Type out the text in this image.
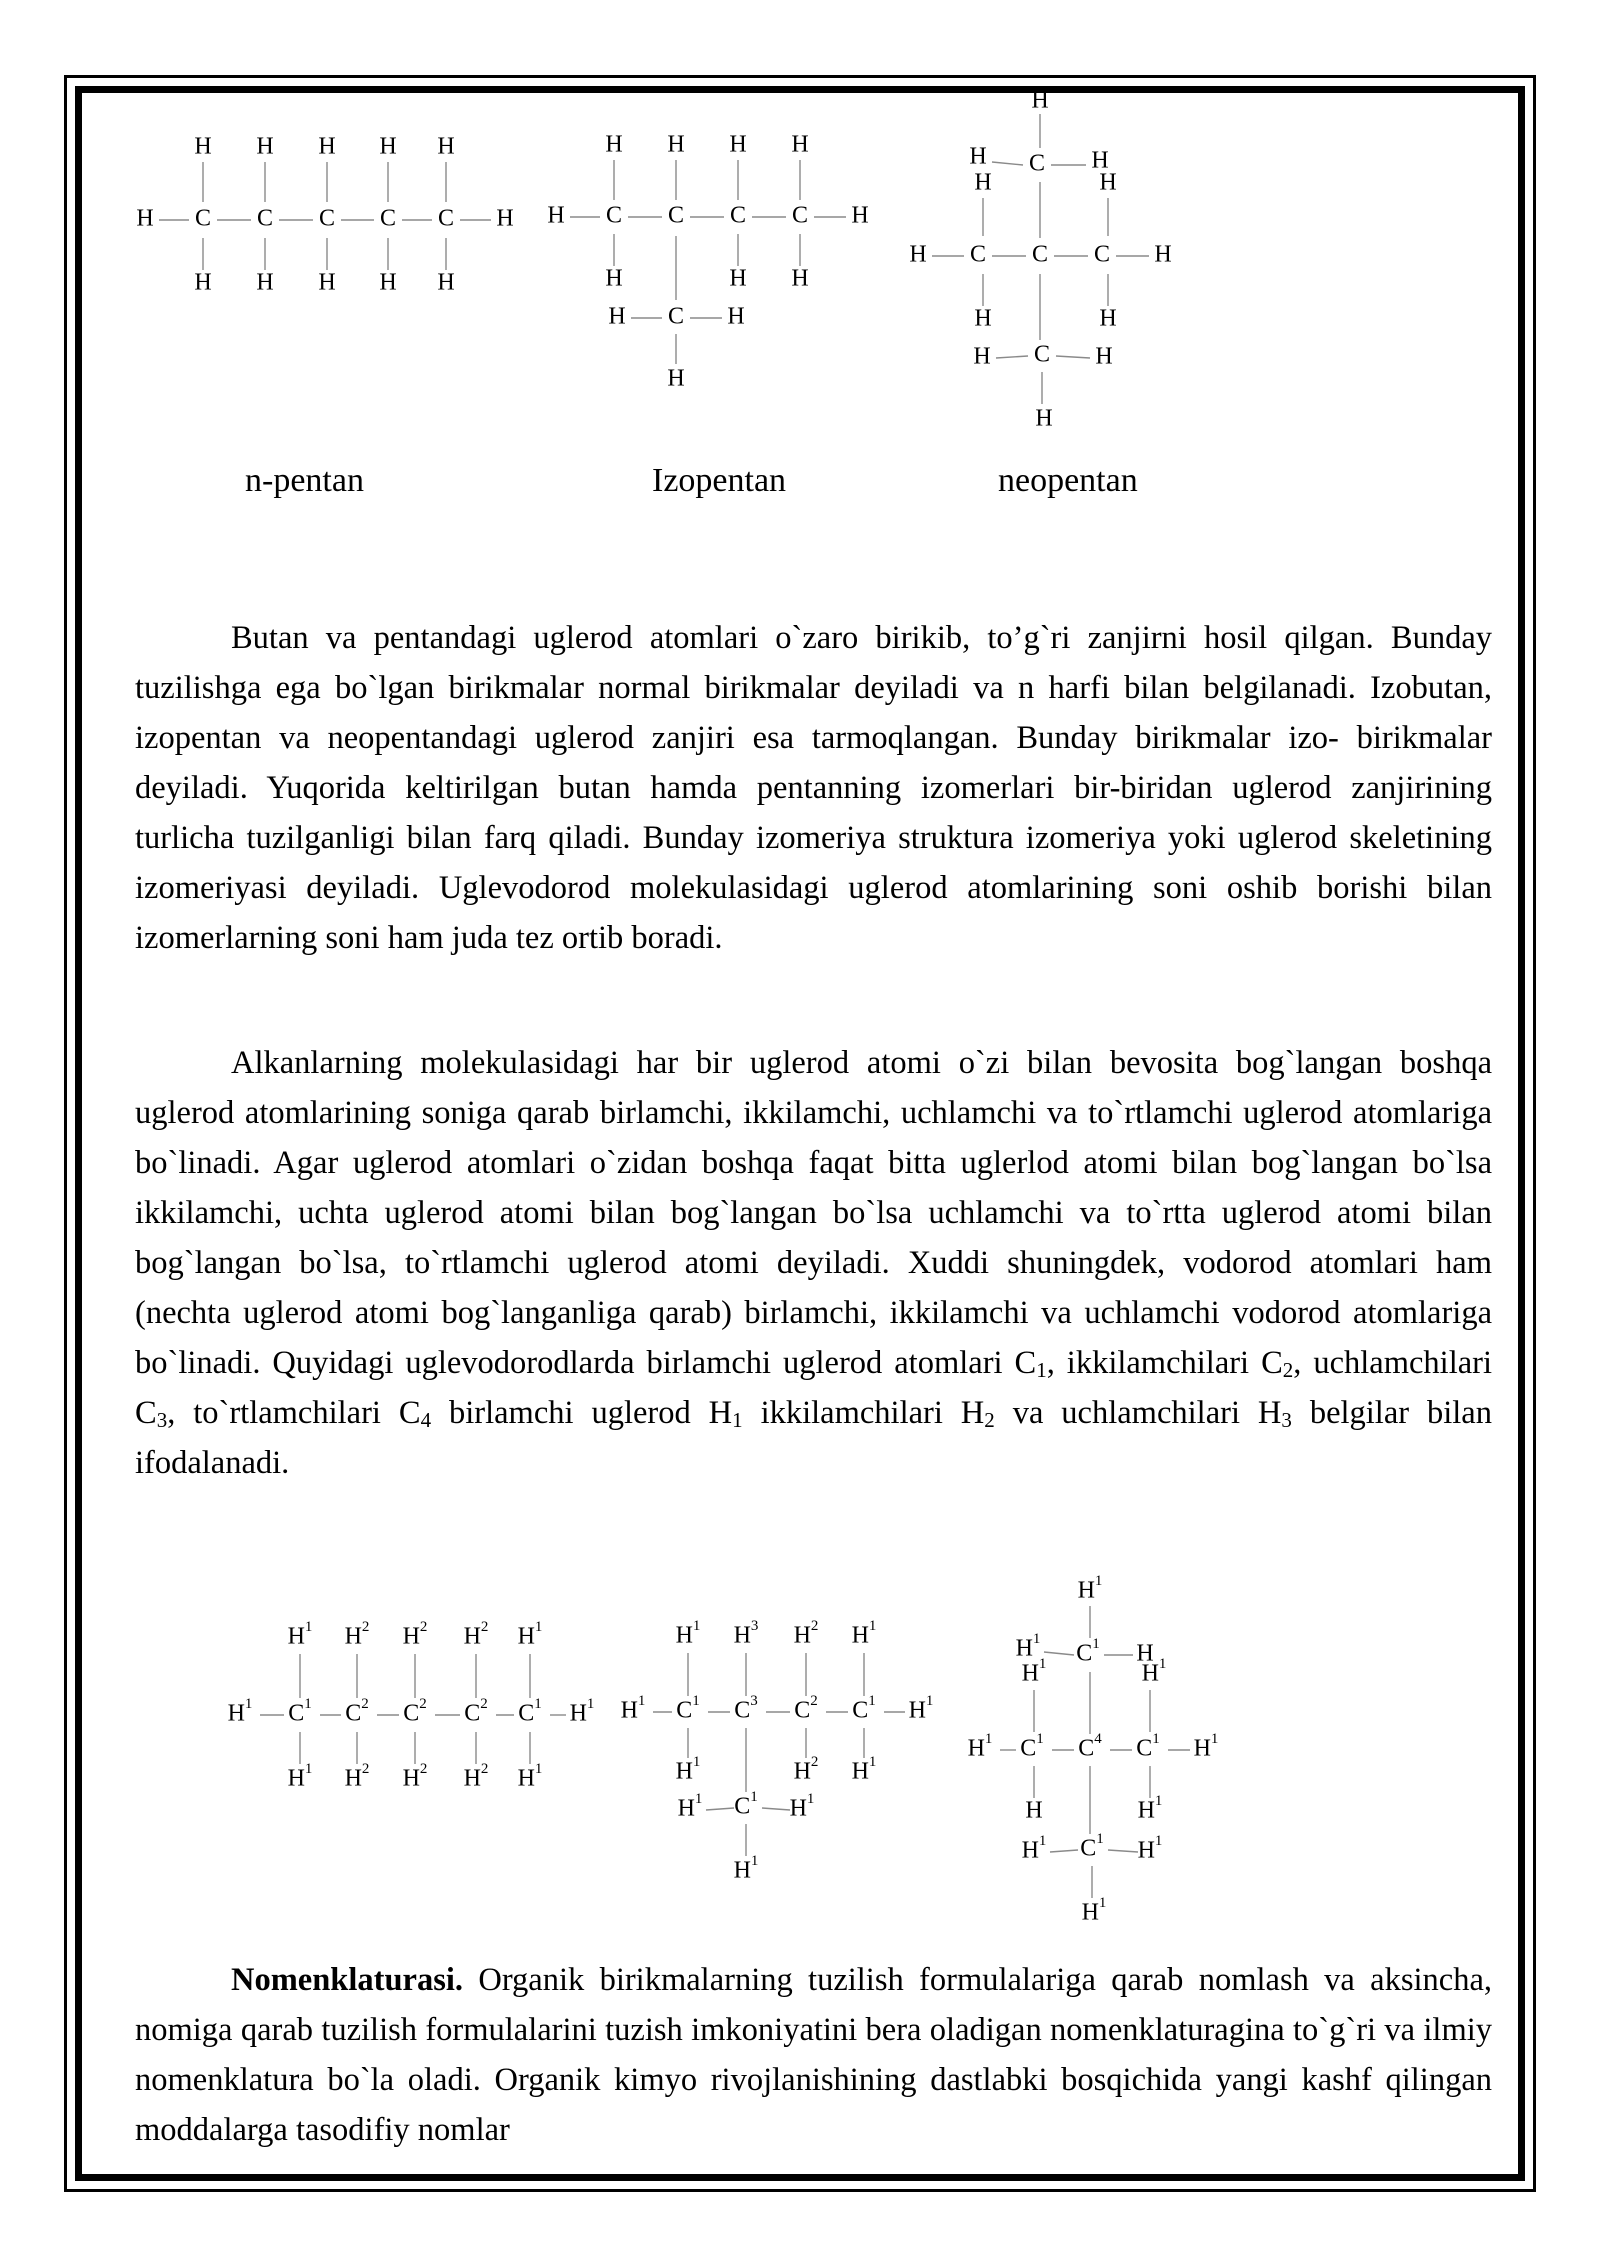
H C C C C C H
H
H
H
H
H
H
H
H
H
H
H C C C C H
H H H H
H	H H
C
H	H
H
H C C C H
H
C
H	H
H	H
H	H
C
H	H
H
n-pentan	Izopentan	neopentan

Butan va pentandagi uglerod atomlari o`zaro birikib, to’g`ri zanjirni hosil qilgan. Bunday tuzilishga ega bo`lgan birikmalar normal birikmalar deyiladi va n harfi bilan belgilanadi. Izobutan, izopentan va neopentandagi uglerod zanjiri esa tarmoqlangan. Bunday birikmalar izo- birikmalar deyiladi. Yuqorida keltirilgan butan hamda pentanning izomerlari bir-biridan uglerod zanjirining turlicha tuzilganligi bilan farq qiladi. Bunday izomeriya struktura izomeriya yoki uglerod skeletining izomeriyasi deyiladi. Uglevodorod molekulasidagi uglerod atomlarining soni oshib borishi bilan izomerlarning soni ham juda tez ortib boradi.

Alkanlarning molekulasidagi har bir uglerod atomi o`zi bilan bevosita bog`langan boshqa uglerod atomlarining soniga qarab birlamchi, ikkilamchi, uchlamchi va to`rtlamchi uglerod atomlariga bo`linadi. Agar uglerod atomlari o`zidan boshqa faqat bitta uglerlod atomi bilan bog`langan bo`lsa ikkilamchi, uchta uglerod atomi bilan bog`langan bo`lsa uchlamchi va to`rtta uglerod atomi bilan bog`langan bo`lsa, to`rtlamchi uglerod atomi deyiladi. Xuddi shuningdek, vodorod atomlari ham (nechta uglerod atomi bog`langanliga qarab) birlamchi, ikkilamchi va uchlamchi vodorod atomlariga bo`linadi. Quyidagi uglevodorodlarda birlamchi uglerod atomlari $C_1$, ikkilamchilari $C_2$, uchlamchilari $C_3$, to`rtlamchilari $C_4$ birlamchi uglerod $H_1$ ikkilamchilari $H_2$ va uchlamchilari $H_3$ belgilar bilan ifodalanadi.

$H^1$ $C^1$ $C^2$ $C^2$ $C^2$ $C^1$ $H^1$
$H^1$ $H^2$ $H^2$ $H^2$ $H^1$
$H^1$ $H^2$ $H^2$ $H^2$ $H^1$
$H^1$ $C^1$ $C^3$ $C^2$ $C^1$ $H^1$
$H^1$ $H^3$ $H^2$ $H^1$
$H^1$	$H^2$ $H^1$
$C^1$
$H^1$	$H^1$
$H^1$
$H^1$ $C^1$ $C^4$ $C^1$ $H^1$
$H^1$
$C^1$
$H^1$
H
$H^1$	$H^1$
H	$H^1$
$C^1$
$H^1$	$H^1$
$H^1$

Nomenklaturasi. Organik birikmalarning tuzilish formulalariga qarab nomlash va aksincha, nomiga qarab tuzilish formulalarini tuzish imkoniyatini bera oladigan nomenklaturagina to`g`ri va ilmiy nomenklatura bo`la oladi. Organik kimyo rivojlanishining dastlabki bosqichida yangi kashf qilingan moddalarga tasodifiy nomlar
